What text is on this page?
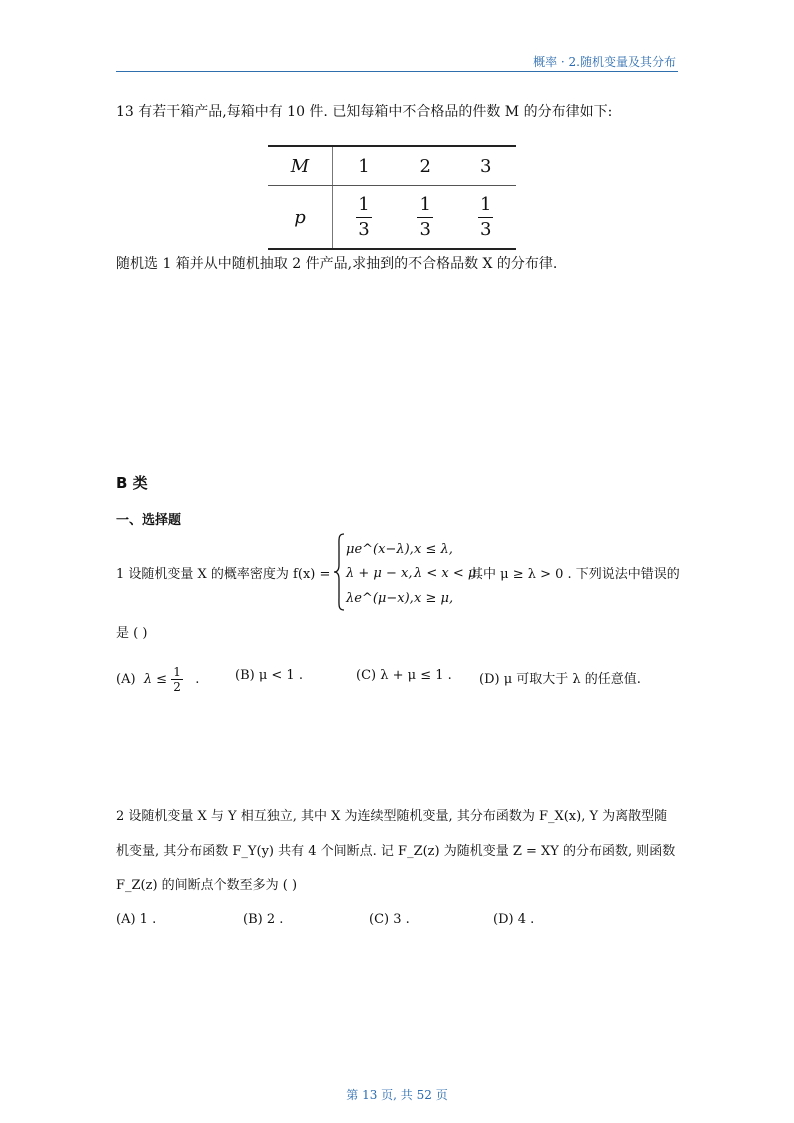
概率 · 2.随机变量及其分布
13 有若干箱产品,每箱中有 10 件. 已知每箱中不合格品的件数 M 的分布律如下:
M	1	2	3
p	$\frac{1}{3}$	$\frac{1}{3}$	$\frac{1}{3}$
随机选 1 箱并从中随机抽取 2 件产品,求抽到的不合格品数 X 的分布律.
B 类
一、选择题
1 设随机变量 X 的概率密度为 f(x) =
μe^(x−λ), x ≤ λ,
λ + μ − x, λ < x < μ,
λe^(μ−x), x ≥ μ,
其中 μ ≥ λ > 0 . 下列说法中错误的
是 ( )
(A) $\lambda \le \frac{1}{2}$ .	(B) μ < 1 .	(C) λ + μ ≤ 1 . (D) μ 可取大于 λ 的任意值.
2 设随机变量 X 与 Y 相互独立, 其中 X 为连续型随机变量, 其分布函数为 F_X(x), Y 为离散型随
机变量, 其分布函数 F_Y(y) 共有 4 个间断点. 记 F_Z(z) 为随机变量 Z = XY 的分布函数, 则函数
F_Z(z) 的间断点个数至多为 ( )
(A) 1 .	(B) 2 .	(C) 3 .	(D) 4 .
第 13 页, 共 52 页
